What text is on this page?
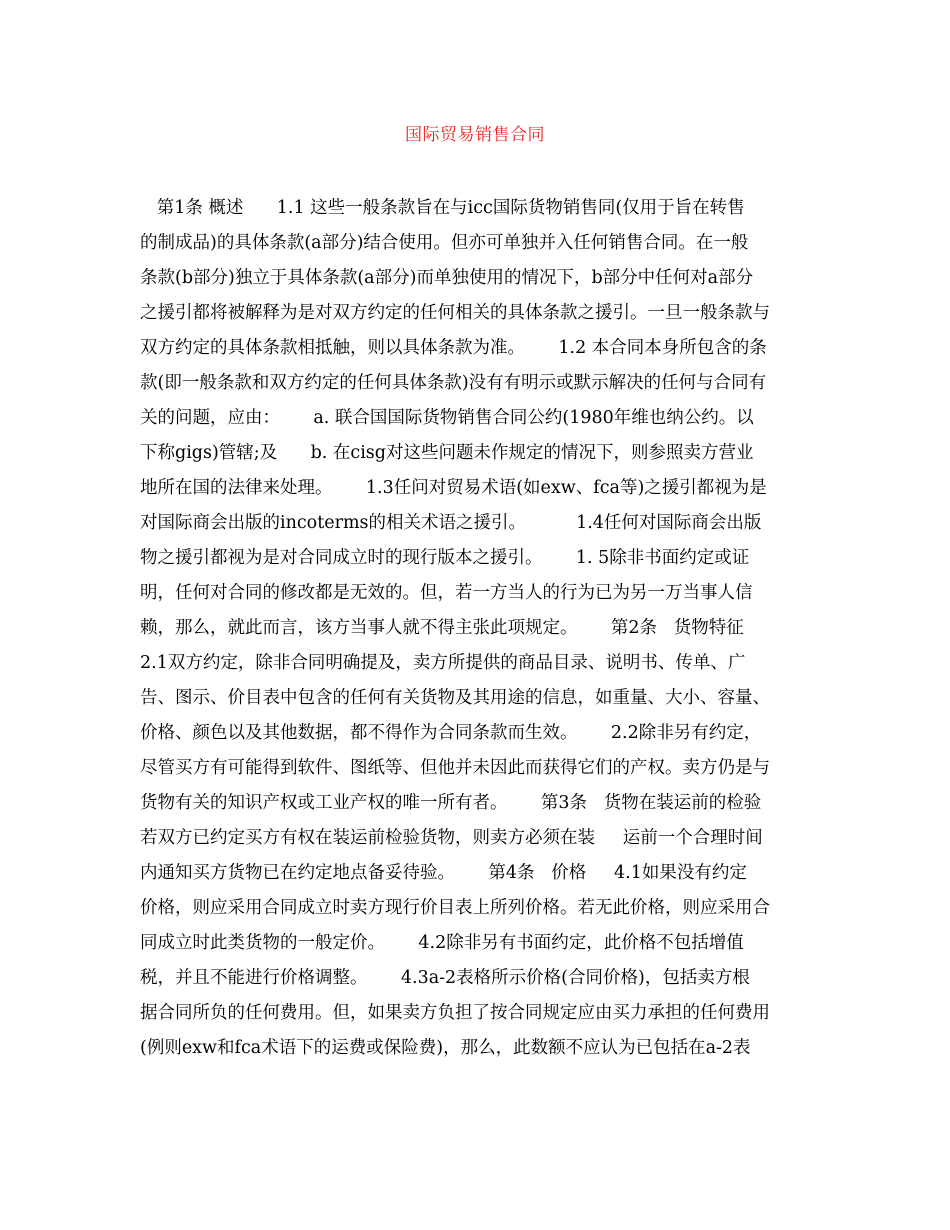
国际贸易销售合同
第1条 概述      1.1 这些一般条款旨在与icc国际货物销售同(仅用于旨在转售
的制成品)的具体条款(a部分)结合使用。但亦可单独并入任何销售合同。在一般
条款(b部分)独立于具体条款(a部分)而单独使用的情况下，b部分中任何对a部分
之援引都将被解释为是对双方约定的任何相关的具体条款之援引。一旦一般条款与
双方约定的具体条款相抵触，则以具体条款为准。      1.2 本合同本身所包含的条
款(即一般条款和双方约定的任何具体条款)没有有明示或默示解决的任何与合同有
关的问题，应由：      a. 联合国国际货物销售合同公约(1980年维也纳公约。以
下称gigs)管辖;及      b. 在cisg对这些问题未作规定的情况下，则参照卖方营业
地所在国的法律来处理。      1.3任问对贸易术语(如exw、fca等)之援引都视为是
对国际商会出版的incoterms的相关术语之援引。         1.4任何对国际商会出版
物之援引都视为是对合同成立时的现行版本之援引。      1. 5除非书面约定或证
明，任何对合同的修改都是无效的。但，若一方当人的行为已为另一万当事人信
赖，那么，就此而言，该方当事人就不得主张此项规定。      第2条   货物特征
2.1双方约定，除非合同明确提及，卖方所提供的商品目录、说明书、传单、广
告、图示、价目表中包含的任何有关货物及其用途的信息，如重量、大小、容量、
价格、颜色以及其他数据，都不得作为合同条款而生效。      2.2除非另有约定，
尽管买方有可能得到软件、图纸等、但他并未因此而获得它们的产权。卖方仍是与
货物有关的知识产权或工业产权的唯一所有者。      第3条   货物在装运前的检验
若双方已约定买方有权在装运前检验货物，则卖方必须在装     运前一个合理时间
内通知买方货物已在约定地点备妥待验。      第4条   价格     4.1如果没有约定
价格，则应采用合同成立时卖方现行价目表上所列价格。若无此价格，则应采用合
同成立时此类货物的一般定价。      4.2除非另有书面约定，此价格不包括增值
税，并且不能进行价格调整。      4.3a-2表格所示价格(合同价格)，包括卖方根
据合同所负的任何费用。但，如果卖方负担了按合同规定应由买力承担的任何费用
(例则exw和fca术语下的运费或保险费)，那么，此数额不应认为已包括在a-2表
